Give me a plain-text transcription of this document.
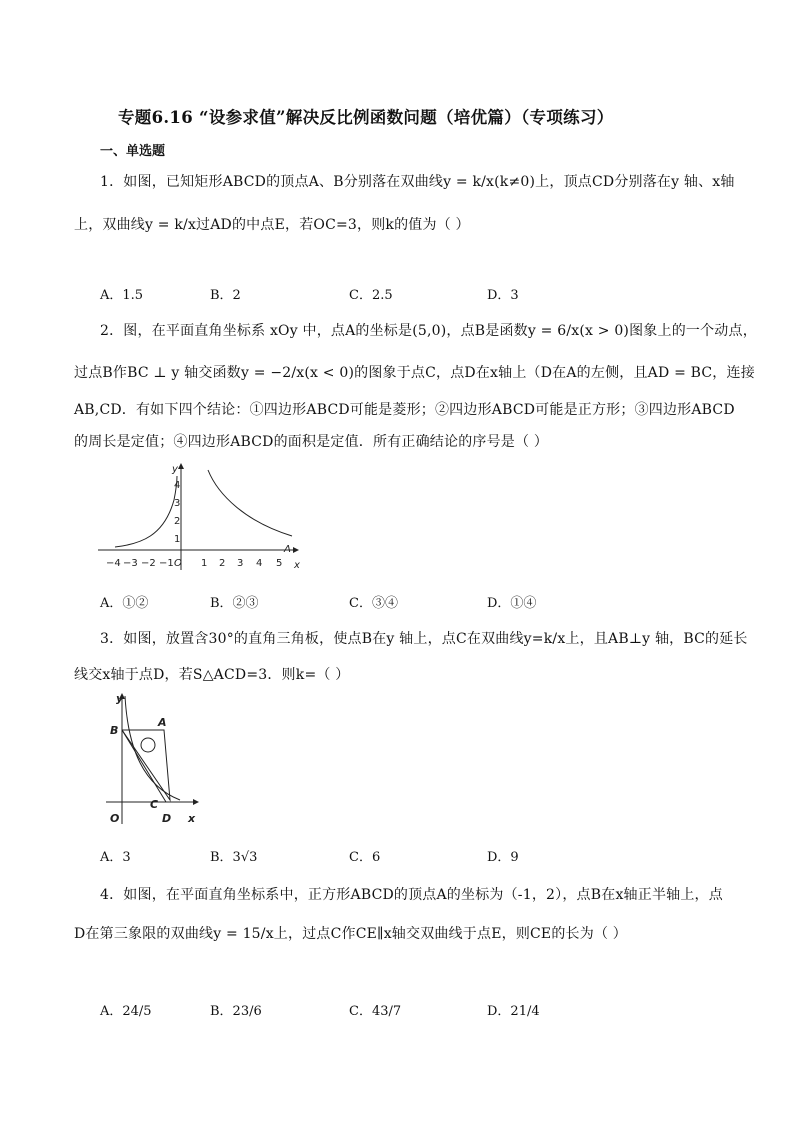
专题6.16 “设参求值”解决反比例函数问题（培优篇）（专项练习）
一、单选题
1．如图，已知矩形ABCD的顶点A、B分别落在双曲线y = k/x(k≠0)上，顶点CD分别落在y 轴、x轴
上，双曲线y = k/x过AD的中点E，若OC=3，则k的值为（ ）
A．1.5	B．2	C．2.5	D．3
2．图，在平面直角坐标系 xOy 中，点A的坐标是(5,0)，点B是函数y = 6/x(x > 0)图象上的一个动点，
过点B作BC ⊥ y 轴交函数y = −2/x(x < 0)的图象于点C，点D在x轴上（D在A的左侧，且AD = BC，连接
AB,CD．有如下四个结论：①四边形ABCD可能是菱形；②四边形ABCD可能是正方形；③四边形ABCD
的周长是定值；④四边形ABCD的面积是定值．所有正确结论的序号是（ ）
−4 −3 −2 −1	1 2 3 4 5
1
2
3
4
y
x
O
A
A．①②	B．②③	C．③④	D．①④
3．如图，放置含30°的直角三角板，使点B在y 轴上，点C在双曲线y=k/x上，且AB⊥y 轴，BC的延长
线交x轴于点D，若S△ACD=3．则k=（ ）
y
x
O
B
A
C
D
A．3	B．3√3	C．6	D．9
4．如图，在平面直角坐标系中，正方形ABCD的顶点A的坐标为（-1，2），点B在x轴正半轴上，点
D在第三象限的双曲线y = 15/x上，过点C作CE∥x轴交双曲线于点E，则CE的长为（ ）
A．24/5	B．23/6	C．43/7	D．21/4
